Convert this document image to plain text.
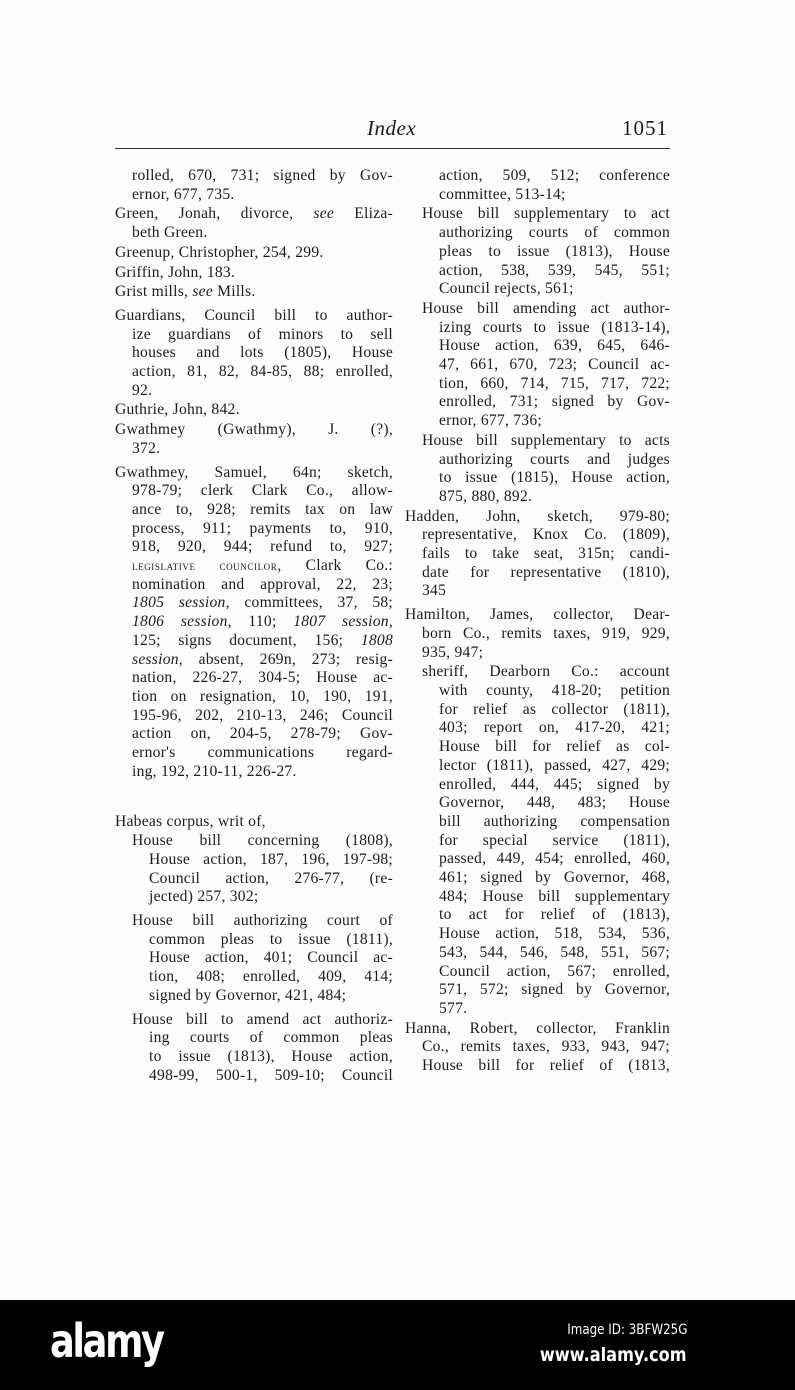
Index	1051
rolled, 670, 731; signed by Gov-
ernor, 677, 735.
Green, Jonah, divorce, see Eliza-
beth Green.
Greenup, Christopher, 254, 299.
Griffin, John, 183.
Grist mills, see Mills.
Guardians, Council bill to author-
ize guardians of minors to sell
houses and lots (1805), House
action, 81, 82, 84-85, 88; enrolled,
92.
Guthrie, John, 842.
Gwathmey (Gwathmy), J. (?),
372.
Gwathmey, Samuel, 64n; sketch,
978-79; clerk Clark Co., allow-
ance to, 928; remits tax on law
process, 911; payments to, 910,
918, 920, 944; refund to, 927;
legislative councilor, Clark Co.:
nomination and approval, 22, 23;
1805 session, committees, 37, 58;
1806 session, 110; 1807 session,
125; signs document, 156; 1808
session, absent, 269n, 273; resig-
nation, 226-27, 304-5; House ac-
tion on resignation, 10, 190, 191,
195-96, 202, 210-13, 246; Council
action on, 204-5, 278-79; Gov-
ernor's communications regard-
ing, 192, 210-11, 226-27.
Habeas corpus, writ of,
House bill concerning (1808),
House action, 187, 196, 197-98;
Council action, 276-77, (re-
jected) 257, 302;
House bill authorizing court of
common pleas to issue (1811),
House action, 401; Council ac-
tion, 408; enrolled, 409, 414;
signed by Governor, 421, 484;
House bill to amend act authoriz-
ing courts of common pleas
to issue (1813), House action,
498-99, 500-1, 509-10; Council
action, 509, 512; conference
committee, 513-14;
House bill supplementary to act
authorizing courts of common
pleas to issue (1813), House
action, 538, 539, 545, 551;
Council rejects, 561;
House bill amending act author-
izing courts to issue (1813-14),
House action, 639, 645, 646-
47, 661, 670, 723; Council ac-
tion, 660, 714, 715, 717, 722;
enrolled, 731; signed by Gov-
ernor, 677, 736;
House bill supplementary to acts
authorizing courts and judges
to issue (1815), House action,
875, 880, 892.
Hadden, John, sketch, 979-80;
representative, Knox Co. (1809),
fails to take seat, 315n; candi-
date for representative (1810),
345
Hamilton, James, collector, Dear-
born Co., remits taxes, 919, 929,
935, 947;
sheriff, Dearborn Co.: account
with county, 418-20; petition
for relief as collector (1811),
403; report on, 417-20, 421;
House bill for relief as col-
lector (1811), passed, 427, 429;
enrolled, 444, 445; signed by
Governor, 448, 483; House
bill authorizing compensation
for special service (1811),
passed, 449, 454; enrolled, 460,
461; signed by Governor, 468,
484; House bill supplementary
to act for relief of (1813),
House action, 518, 534, 536,
543, 544, 546, 548, 551, 567;
Council action, 567; enrolled,
571, 572; signed by Governor,
577.
Hanna, Robert, collector, Franklin
Co., remits taxes, 933, 943, 947;
House bill for relief of (1813,
alamy	Image ID: 3BFW25G
www.alamy.com
